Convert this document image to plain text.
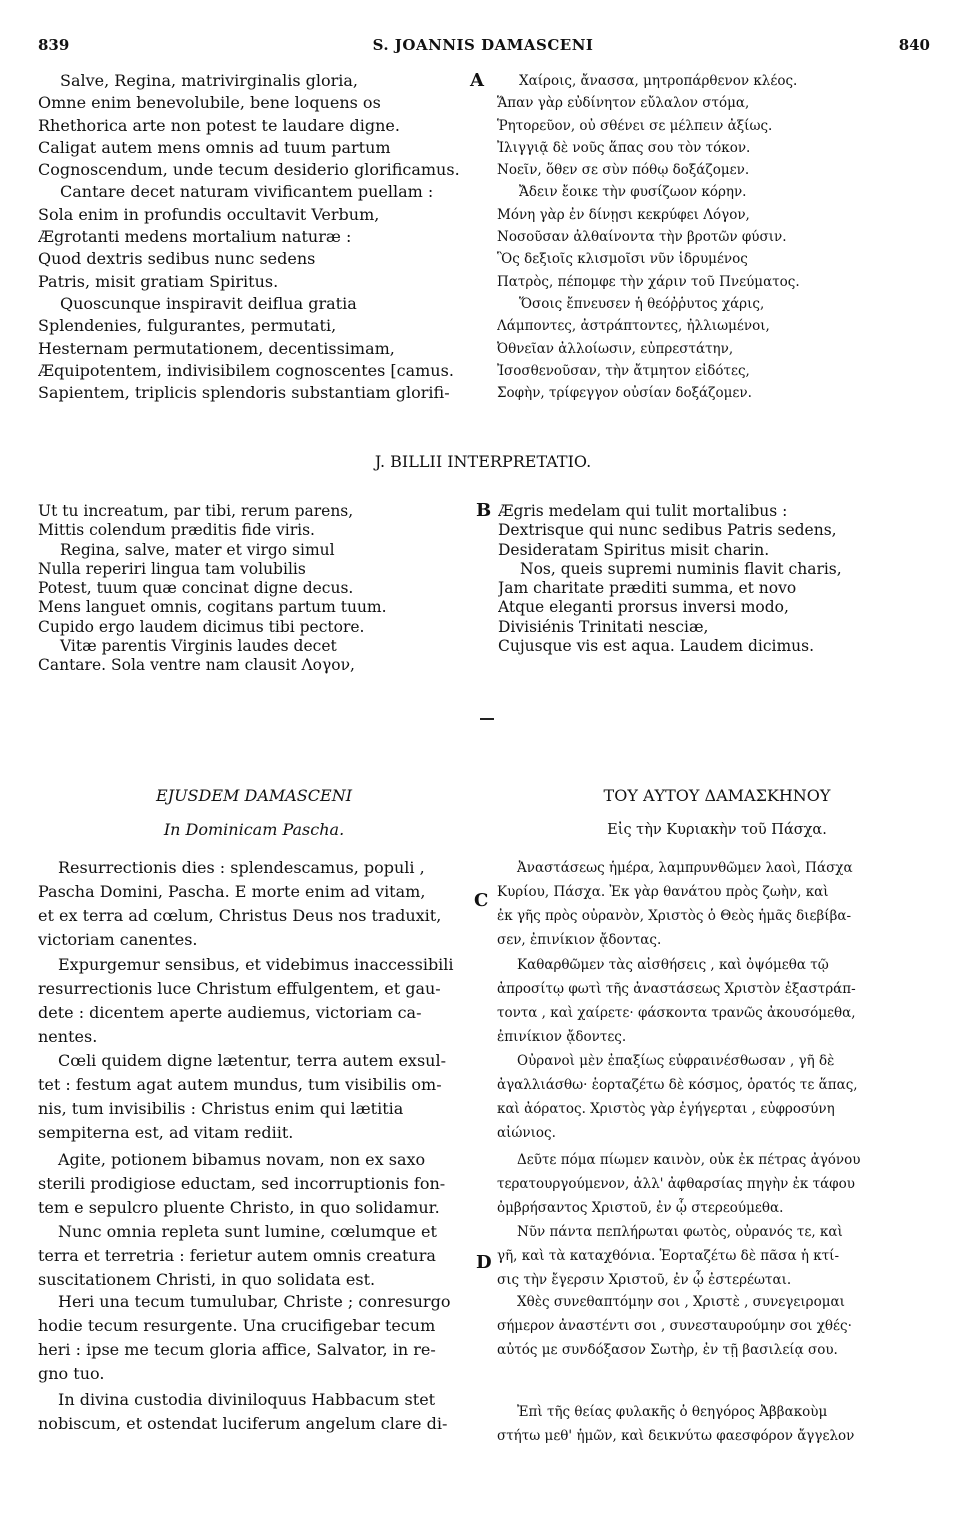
839	S. JOANNIS DAMASCENI	840
A
B
C
D
Salve, Regina, matrivirginalis gloria,
Omne enim benevolubile, bene loquens os
Rhethorica arte non potest te laudare digne.
Caligat autem mens omnis ad tuum partum
Cognoscendum, unde tecum desiderio glorificamus.
Cantare decet naturam vivificantem puellam :
Sola enim in profundis occultavit Verbum,
Ægrotanti medens mortalium naturæ :
Quod dextris sedibus nunc sedens
Patris, misit gratiam Spiritus.
Quoscunque inspiravit deiflua gratia
Splendenies, fulgurantes, permutati,
Hesternam permutationem, decentissimam,
Æquipotentem, indivisibilem cognoscentes [camus.
Sapientem, triplicis splendoris substantiam glorifi-
Χαίροις, ἄνασσα, μητροπάρθενον κλέος.
Ἅπαν γὰρ εὐδίνητον εὔλαλον στόμα,
Ῥητορεῦον, οὐ σθένει σε μέλπειν ἀξίως.
Ἰλιγγιᾷ δὲ νοῦς ἅπας σου τὸν τόκον.
Νοεῖν, ὅθεν σε σὺν πόθῳ δοξάζομεν.
Ἄδειν ἔοικε τὴν φυσίζωον κόρην.
Μόνη γὰρ ἐν δίνῃσι κεκρύφει Λόγον,
Νοσοῦσαν ἀλθαίνοντα τὴν βροτῶν φύσιν.
Ὃς δεξιοῖς κλισμοῖσι νῦν ἱδρυμένος
Πατρὸς, πέπομφε τὴν χάριν τοῦ Πνεύματος.
Ὅσοις ἔπνευσεν ἡ θεόῤῥυτος χάρις,
Λάμποντες, ἀστράπτοντες, ἠλλιωμένοι,
Ὀθνεῖαν ἀλλοίωσιν, εὐπρεστάτην,
Ἰσοσθενοῦσαν, τὴν ἄτμητον εἰδότες,
Σοφὴν, τρίφεγγον οὐσίαν δοξάζομεν.
J. BILLII INTERPRETATIO.
Ut tu increatum, par tibi, rerum parens,
Mittis colendum præditis fide viris.
Regina, salve, mater et virgo simul
Nulla reperiri lingua tam volubilis
Potest, tuum quæ concinat digne decus.
Mens languet omnis, cogitans partum tuum.
Cupido ergo laudem dicimus tibi pectore.
Vitæ parentis Virginis laudes decet
Cantare. Sola ventre nam clausit Λογον,
Ægris medelam qui tulit mortalibus :
Dextrisque qui nunc sedibus Patris sedens,
Desideratam Spiritus misit charin.
Nos, queis supremi numinis flavit charis,
Jam charitate præditi summa, et novo
Atque eleganti prorsus inversi modo,
Divisiénis Trinitati nesciæ,
Cujusque vis est aqua. Laudem dicimus.
EJUSDEM DAMASCENI
In Dominicam Pascha.
Resurrectionis dies : splendescamus, populi ,
Pascha Domini, Pascha. E morte enim ad vitam,
et ex terra ad cœlum, Christus Deus nos traduxit,
victoriam canentes.
Expurgemur sensibus, et videbimus inaccessibili
resurrectionis luce Christum effulgentem, et gau-
dete : dicentem aperte audiemus, victoriam ca-
nentes.
Cœli quidem digne lætentur, terra autem exsul-
tet : festum agat autem mundus, tum visibilis om-
nis, tum invisibilis : Christus enim qui lætitia
sempiterna est, ad vitam rediit.
Agite, potionem bibamus novam, non ex saxo
sterili prodigiose eductam, sed incorruptionis fon-
tem e sepulcro pluente Christo, in quo solidamur.
Nunc omnia repleta sunt lumine, cœlumque et
terra et terretria : ferietur autem omnis creatura
suscitationem Christi, in quo solidata est.
Heri una tecum tumulubar, Christe ; conresurgo
hodie tecum resurgente. Una crucifigebar tecum
heri : ipse me tecum gloria affice, Salvator, in re-
gno tuo.
In divina custodia diviniloquus Habbacum stet
nobiscum, et ostendat luciferum angelum clare di-
ΤΟΥ ΑΥΤΟΥ ΔΑΜΑΣΚΗΝΟΥ
Εἰς τὴν Κυριακὴν τοῦ Πάσχα.
Ἀναστάσεως ἡμέρα, λαμπρυνθῶμεν λαοὶ, Πάσχα
Κυρίου, Πάσχα. Ἐκ γὰρ θανάτου πρὸς ζωὴν, καὶ
ἐκ γῆς πρὸς οὐρανὸν, Χριστὸς ὁ Θεὸς ἡμᾶς διεβίβα-
σεν, ἐπινίκιον ᾄδοντας.
Καθαρθῶμεν τὰς αἰσθήσεις , καὶ ὀψόμεθα τῷ
ἀπροσίτῳ φωτὶ τῆς ἀναστάσεως Χριστὸν ἐξαστράπ-
τοντα , καὶ χαίρετε· φάσκοντα τρανῶς ἀκουσόμεθα,
ἐπινίκιον ᾄδοντες.
Οὐρανοὶ μὲν ἐπαξίως εὐφραινέσθωσαν , γῆ δὲ
ἀγαλλιάσθω· ἑορταζέτω δὲ κόσμος, ὁρατός τε ἅπας,
καὶ ἀόρατος. Χριστὸς γὰρ ἐγήγερται , εὐφροσύνη
αἰώνιος.
Δεῦτε πόμα πίωμεν καινὸν, οὐκ ἐκ πέτρας ἀγόνου
τερατουργούμενον, ἀλλ' ἀφθαρσίας πηγὴν ἐκ τάφου
ὀμβρήσαντος Χριστοῦ, ἐν ᾧ στερεούμεθα.
Νῦν πάντα πεπλήρωται φωτὸς, οὐρανός τε, καὶ
γῆ, καὶ τὰ καταχθόνια. Ἑορταζέτω δὲ πᾶσα ἡ κτί-
σις τὴν ἔγερσιν Χριστοῦ, ἐν ᾧ ἐστερέωται.
Χθὲς συνεθαπτόμην σοι , Χριστὲ , συνεγειρομαι
σήμερον ἀναστέντι σοι , συνεσταυρούμην σοι χθές·
αὐτός με συνδόξασον Σωτὴρ, ἐν τῇ βασιλείᾳ σου.
Ἐπὶ τῆς θείας φυλακῆς ὁ θεηγόρος Ἀββακοὺμ
στήτω μεθ' ἡμῶν, καὶ δεικνύτω φαεσφόρον ἄγγελον
